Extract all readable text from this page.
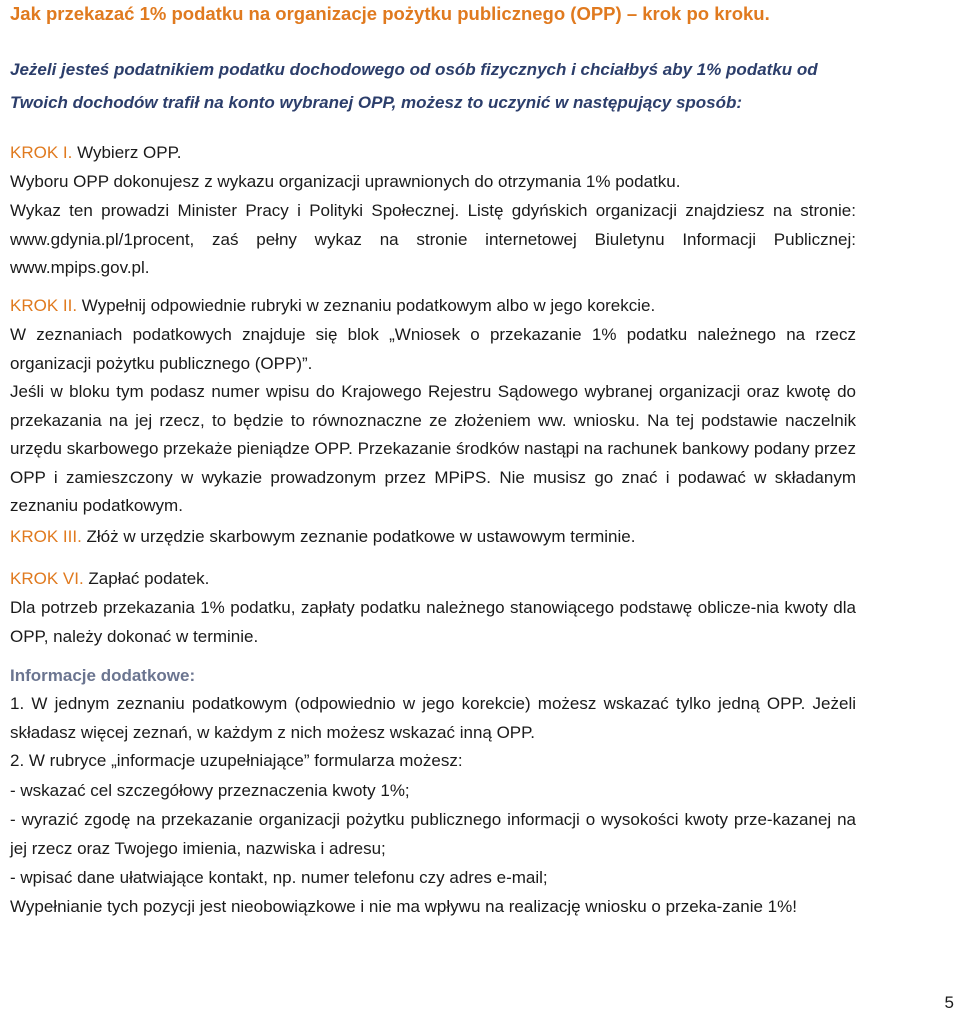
Jak przekazać 1% podatku na organizacje pożytku publicznego (OPP) – krok po kroku.

Jeżeli jesteś podatnikiem podatku dochodowego od osób fizycznych i chciałbyś aby 1% podatku od Twoich dochodów trafił na konto wybranej OPP, możesz to uczynić w następujący sposób:

KROK I. Wybierz OPP.

Wyboru OPP dokonujesz z wykazu organizacji uprawnionych do otrzymania 1% podatku.

Wykaz ten prowadzi Minister Pracy i Polityki Społecznej. Listę gdyńskich organizacji znajdziesz na stronie: www.gdynia.pl/1procent, zaś pełny wykaz na stronie internetowej Biuletynu Informacji Publicznej: www.mpips.gov.pl.

KROK II. Wypełnij odpowiednie rubryki w zeznaniu podatkowym albo w jego korekcie.

W zeznaniach podatkowych znajduje się blok „Wniosek o przekazanie 1% podatku należnego na rzecz organizacji pożytku publicznego (OPP)”.

Jeśli w bloku tym podasz numer wpisu do Krajowego Rejestru Sądowego wybranej organizacji oraz kwotę do przekazania na jej rzecz, to będzie to równoznaczne ze złożeniem ww. wniosku. Na tej podstawie naczelnik urzędu skarbowego przekaże pieniądze OPP. Przekazanie środków nastąpi na rachunek bankowy podany przez OPP i zamieszczony w wykazie prowadzonym przez MPiPS. Nie musisz go znać i podawać w składanym zeznaniu podatkowym.

KROK III. Złóż w urzędzie skarbowym zeznanie podatkowe w ustawowym terminie.

KROK VI. Zapłać podatek.

Dla potrzeb przekazania 1% podatku, zapłaty podatku należnego stanowiącego podstawę oblicze-nia kwoty dla OPP, należy dokonać w terminie.

Informacje dodatkowe:

1. W jednym zeznaniu podatkowym (odpowiednio w jego korekcie) możesz wskazać tylko jedną OPP. Jeżeli składasz więcej zeznań, w każdym z nich możesz wskazać inną OPP.

2. W rubryce „informacje uzupełniające” formularza możesz:

- wskazać cel szczegółowy przeznaczenia kwoty 1%;

- wyrazić zgodę na przekazanie organizacji pożytku publicznego informacji o wysokości kwoty prze-kazanej na jej rzecz oraz Twojego imienia, nazwiska i adresu;

- wpisać dane ułatwiające kontakt, np. numer telefonu czy adres e-mail;

Wypełnianie tych pozycji jest nieobowiązkowe i nie ma wpływu na realizację wniosku o przeka-zanie 1%!

5
